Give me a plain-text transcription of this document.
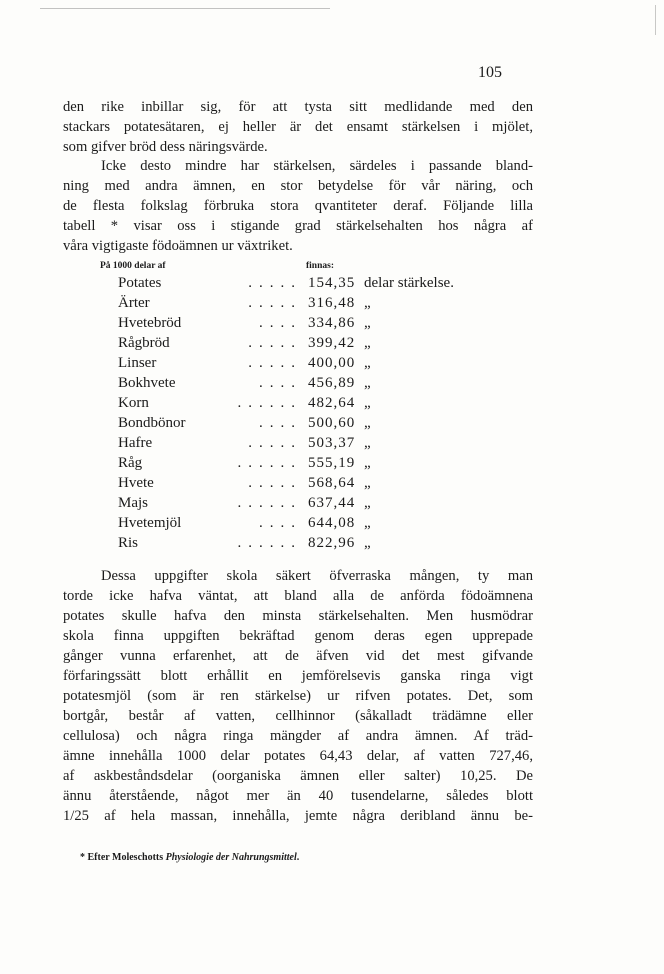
105
den rike inbillar sig, för att tysta sitt medlidande med den
stackars potatesätaren, ej heller är det ensamt stärkelsen i mjölet,
som gifver bröd dess näringsvärde.
Icke desto mindre har stärkelsen, särdeles i passande bland-
ning med andra ämnen, en stor betydelse för vår näring, och
de flesta folkslag förbruka stora qvantiteter deraf. Följande lilla
tabell * visar oss i stigande grad stärkelsehalten hos några af
våra vigtigaste födoämnen ur växtriket.
På 1000 delar af	finnas:
Potates	..... 154,35 delar stärkelse.
Ärter	..... 316,48 „
Hvetebröd	.... 334,86 „
Rågbröd	..... 399,42 „
Linser	..... 400,00 „
Bokhvete	.... 456,89 „
Korn	...... 482,64 „
Bondbönor	.... 500,60 „
Hafre	..... 503,37 „
Råg	...... 555,19 „
Hvete	..... 568,64 „
Majs	...... 637,44 „
Hvetemjöl	.... 644,08 „
Ris	...... 822,96 „
Dessa uppgifter skola säkert öfverraska mången, ty man
torde icke hafva väntat, att bland alla de anförda födoämnena
potates skulle hafva den minsta stärkelsehalten. Men husmödrar
skola finna uppgiften bekräftad genom deras egen upprepade
gånger vunna erfarenhet, att de äfven vid det mest gifvande
förfaringssätt blott erhållit en jemförelsevis ganska ringa vigt
potatesmjöl (som är ren stärkelse) ur rifven potates. Det, som
bortgår, består af vatten, cellhinnor (såkalladt trädämne eller
cellulosa) och några ringa mängder af andra ämnen. Af träd-
ämne innehålla 1000 delar potates 64,43 delar, af vatten 727,46,
af askbeståndsdelar (oorganiska ämnen eller salter) 10,25. De
ännu återstående, något mer än 40 tusendelarne, således blott
1/25 af hela massan, innehålla, jemte några deribland ännu be-
* Efter Moleschotts Physiologie der Nahrungsmittel.
